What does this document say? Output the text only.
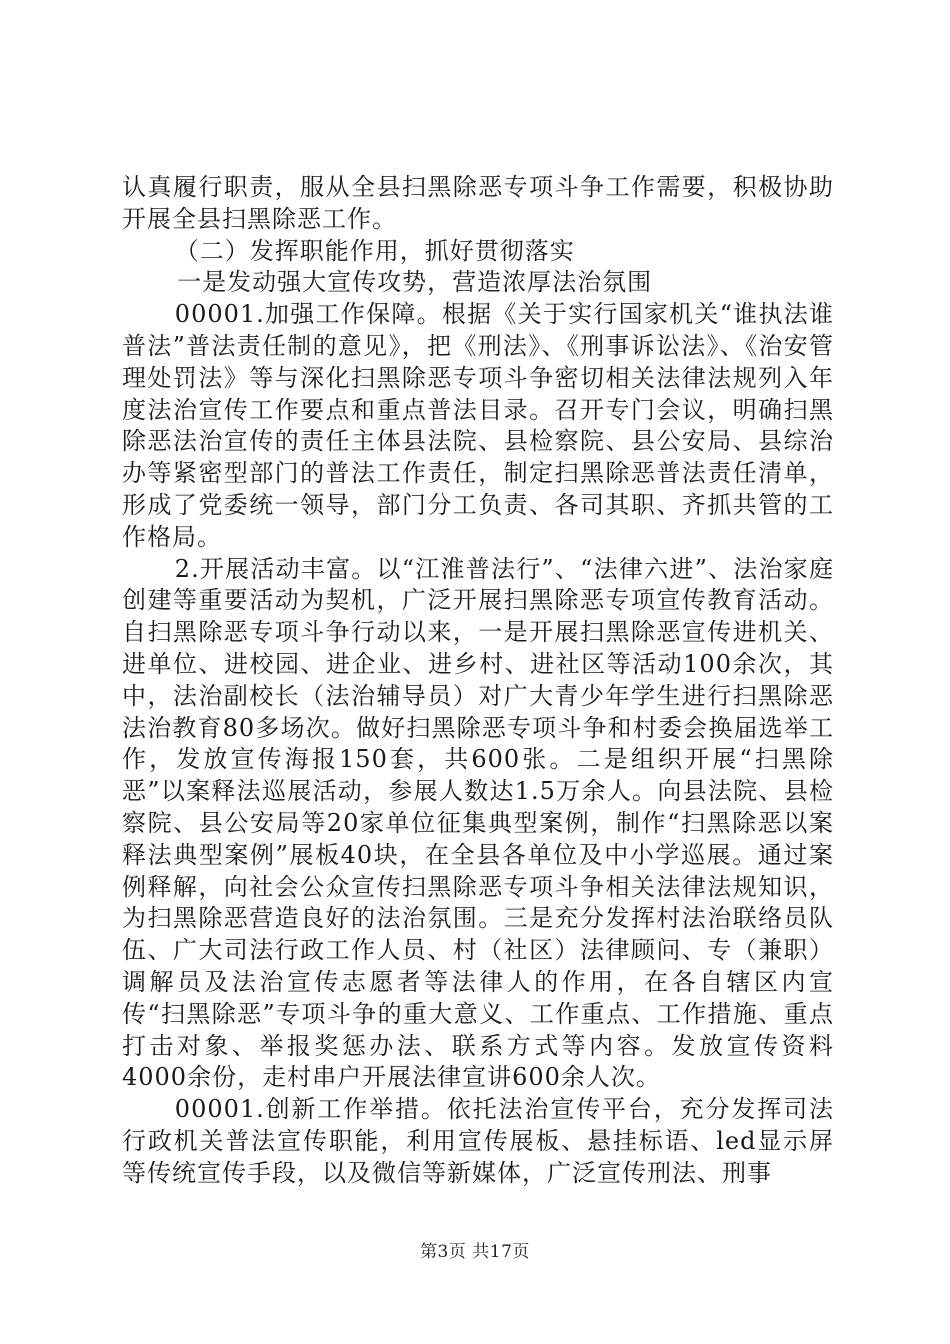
认真履行职责，服从全县扫黑除恶专项斗争工作需要，积极协助开展全县扫黑除恶工作。

（二）发挥职能作用，抓好贯彻落实

一是发动强大宣传攻势，营造浓厚法治氛围

00001.加强工作保障。根据《关于实行国家机关“谁执法谁普法”普法责任制的意见》，把《刑法》、《刑事诉讼法》、《治安管理处罚法》等与深化扫黑除恶专项斗争密切相关法律法规列入年度法治宣传工作要点和重点普法目录。召开专门会议，明确扫黑除恶法治宣传的责任主体县法院、县检察院、县公安局、县综治办等紧密型部门的普法工作责任，制定扫黑除恶普法责任清单，形成了党委统一领导，部门分工负责、各司其职、齐抓共管的工作格局。

2.开展活动丰富。以“江淮普法行”、“法律六进”、法治家庭创建等重要活动为契机，广泛开展扫黑除恶专项宣传教育活动。自扫黑除恶专项斗争行动以来，一是开展扫黑除恶宣传进机关、进单位、进校园、进企业、进乡村、进社区等活动100余次，其中，法治副校长（法治辅导员）对广大青少年学生进行扫黑除恶法治教育80多场次。做好扫黑除恶专项斗争和村委会换届选举工作，发放宣传海报150套，共600张。二是组织开展“扫黑除恶”以案释法巡展活动，参展人数达1.5万余人。向县法院、县检察院、县公安局等20家单位征集典型案例，制作“扫黑除恶以案释法典型案例”展板40块，在全县各单位及中小学巡展。通过案例释解，向社会公众宣传扫黑除恶专项斗争相关法律法规知识，为扫黑除恶营造良好的法治氛围。三是充分发挥村法治联络员队伍、广大司法行政工作人员、村（社区）法律顾问、专（兼职）调解员及法治宣传志愿者等法律人的作用，在各自辖区内宣传“扫黑除恶”专项斗争的重大意义、工作重点、工作措施、重点打击对象、举报奖惩办法、联系方式等内容。发放宣传资料4000余份，走村串户开展法律宣讲600余人次。

00001.创新工作举措。依托法治宣传平台，充分发挥司法行政机关普法宣传职能，利用宣传展板、悬挂标语、led显示屏等传统宣传手段，以及微信等新媒体，广泛宣传刑法、刑事

第3页 共17页
